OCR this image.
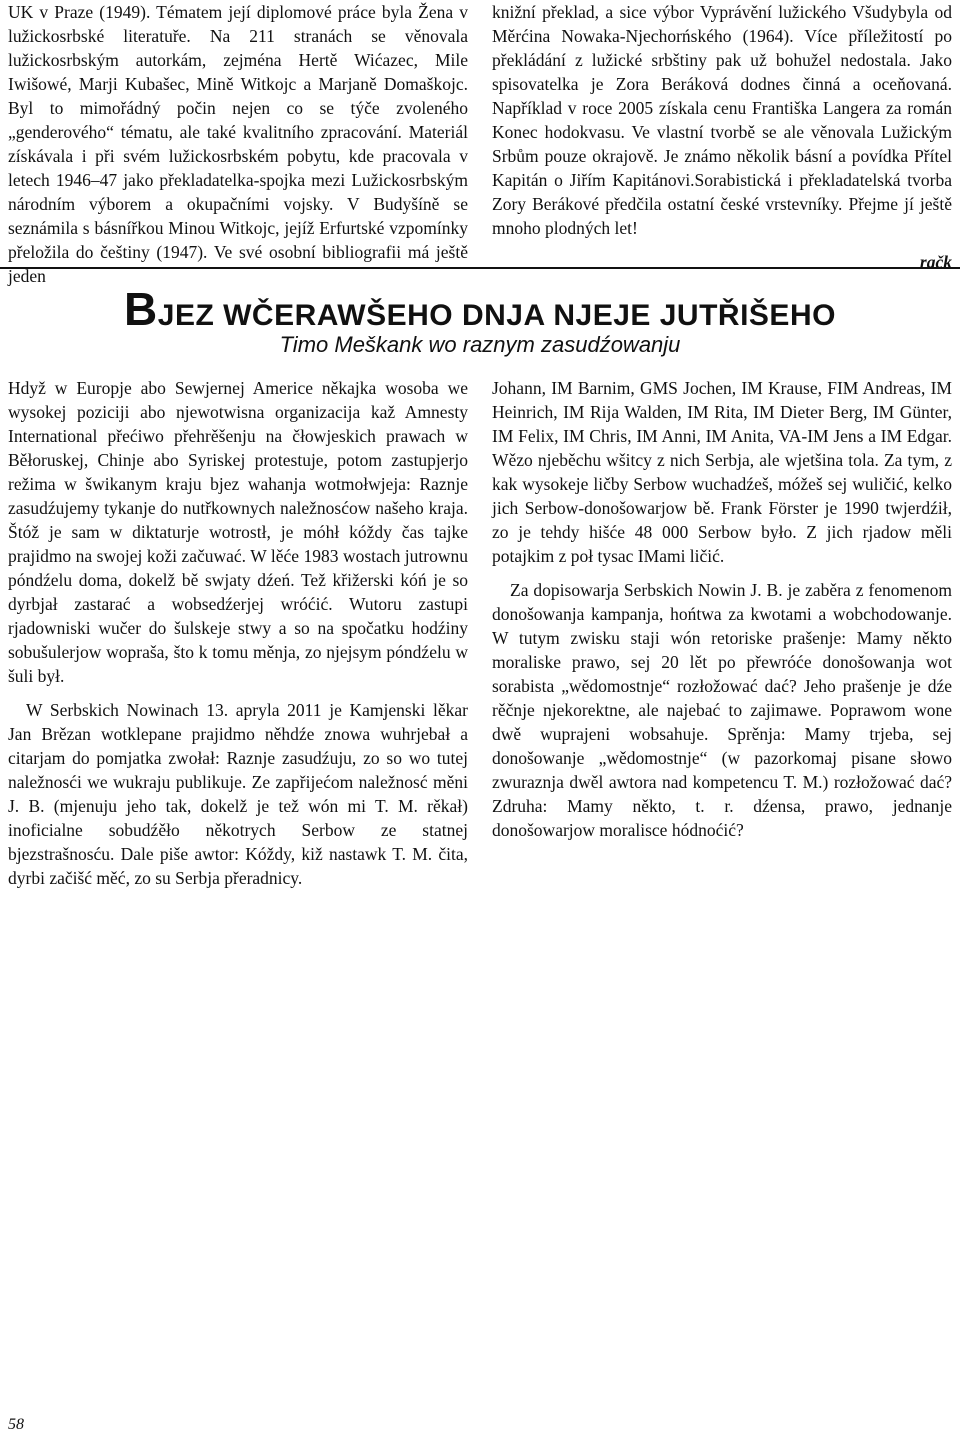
UK v Praze (1949). Tématem její diplomové práce byla Žena v lužickosrbské literatuře. Na 211 stranách se věnovala lužickosrbským autorkám, zejména Hertě Wićazec, Mile Iwišowé, Marji Kubašec, Mině Witkojc a Marjaně Domaškojc. Byl to mimořádný počin nejen co se týče zvoleného „genderového“ tématu, ale také kvalitního zpracování. Materiál získávala i při svém lužickosrbském pobytu, kde pracovala v letech 1946–47 jako překladatelka-spojka mezi Lužickosrbským národním výborem a okupačními vojsky. V Budyšíně se seznámila s básnířkou Minou Witkojc, jejíž Erfurtské vzpomínky přeložila do češtiny (1947). Ve své osobní bibliografii má ještě jeden

knižní překlad, a sice výbor Vyprávění lužického Všudybyla od Měrćina Nowaka-Njechorńského (1964). Více příležitostí po překládání z lužické srbštiny pak už bohužel nedostala. Jako spisovatelka je Zora Beráková dodnes činná a oceňovaná. Například v roce 2005 získala cenu Františka Langera za román Konec hodokvasu. Ve vlastní tvorbě se ale věnovala Lužickým Srbům pouze okrajově. Je známo několik básní a povídka Přítel Kapitán o Jiřím Kapitánovi.Sorabistická i překladatelská tvorba Zory Berákové předčila ostatní české vrstevníky. Přejme jí ještě mnoho plodných let!

račk
BJEZ WČERAWŠEHO DNJA NJEJE JUTŘIŠEHO
Timo Meškank wo raznym zasudźowanju

Hdyž w Europje abo Sewjernej Americe někajka wosoba we wysokej poziciji abo njewotwisna organizacija kaž Amnesty International přećiwo přehrěšenju na čłowjeskich prawach w Běłoruskej, Chinje abo Syriskej protestuje, potom zastupjerjo režima w šwikanym kraju bjez wahanja wotmołwjeja: Raznje zasudźujemy tykanje do nutřkownych naležnosćow našeho kraja. Štóž je sam w diktaturje wotrostł, je móhł kóždy čas tajke prajidmo na swojej koži začuwać. W lěće 1983 wostach jutrownu póndźelu doma, dokelž bě swjaty dźeń. Tež křižerski kóń je so dyrbjał zastarać a wobsedźerjej wróćić. Wutoru zastupi rjadowniski wučer do šulskeje stwy a so na spočatku hodźiny sobušulerjow wopraša, što k tomu měnja, zo njejsym póndźelu w šuli był.

W Serbskich Nowinach 13. apryla 2011 je Kamjenski lěkar Jan Brězan wotklepane prajidmo něhdźe znowa wuhrjebał a citarjam do pomjatka zwołał: Raznje zasudźuju, zo so wo tutej naležnosći we wukraju publikuje. Ze zapřijećom naležnosć měni J. B. (mjenuju jeho tak, dokelž je tež wón mi T. M. rěkał) inoficialne sobudźěło někotrych Serbow ze statnej bjezstrašnosću. Dale piše awtor: Kóždy, kiž nastawk T. M. čita, dyrbi začišć měć, zo su Serbja přeradnicy.

Johann, IM Barnim, GMS Jochen, IM Krause, FIM Andreas, IM Heinrich, IM Rija Walden, IM Rita, IM Dieter Berg, IM Günter, IM Felix, IM Chris, IM Anni, IM Anita, VA-IM Jens a IM Edgar. Wězo njeběchu wšitcy z nich Serbja, ale wjetšina tola. Za tym, z kak wysokeje ličby Serbow wuchadźeš, móžeš sej wuličić, kelko jich Serbow-donošowarjow bě. Frank Förster je 1990 twjerdźił, zo je tehdy hišće 48 000 Serbow było. Z jich rjadow měli potajkim z poł tysac IMami ličić.

Za dopisowarja Serbskich Nowin J. B. je zaběra z fenomenom donošowanja kampanja, hońtwa za kwotami a wobchodowanje. W tutym zwisku staji wón retoriske prašenje: Mamy někto moraliske prawo, sej 20 lět po přewróće donošowanja wot sorabista „wědomostnje“ rozłožować dać? Jeho prašenje je dźe rěčnje njekorektne, ale najebać to zajimawe. Poprawom wone dwě wuprajeni wobsahuje. Sprěnja: Mamy trjeba, sej donošowanje „wědomostnje“ (w pazorkomaj pisane słowo zwuraznja dwěl awtora nad kompetencu T. M.) rozłožować dać? Zdruha: Mamy někto, t. r. dźensa, prawo, jednanje donošowarjow moralisce hódnoćić?

58
